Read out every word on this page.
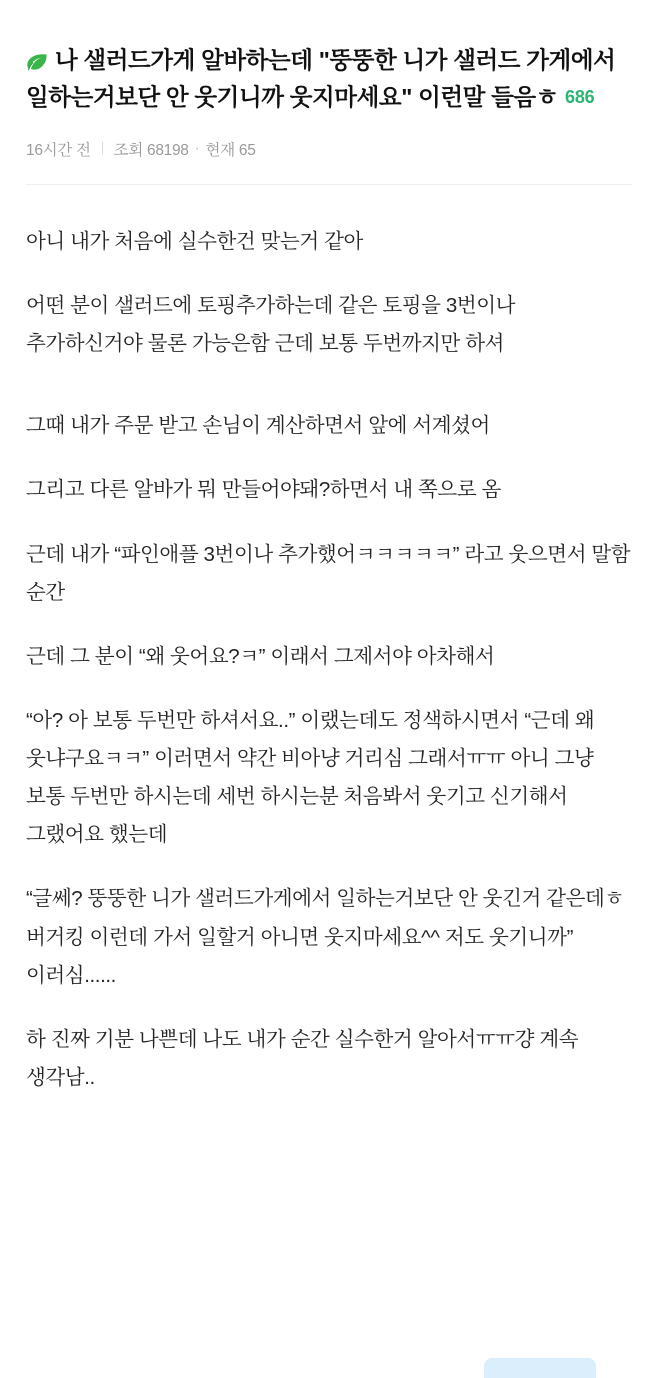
나 샐러드가게 알바하는데 "뚱뚱한 니가 샐러드 가게에서 일하는거보단 안 웃기니까 웃지마세요" 이런말 들음ㅎ 686
16시간 전 조회 68198 · 현재 65

아니 내가 처음에 실수한건 맞는거 같아

어떤 분이 샐러드에 토핑추가하는데 같은 토핑을 3번이나 추가하신거야 물론 가능은함 근데 보통 두번까지만 하셔

그때 내가 주문 받고 손님이 계산하면서 앞에 서계셨어

그리고 다른 알바가 뭐 만들어야돼?하면서 내 쪽으로 옴

근데 내가 “파인애플 3번이나 추가했어ㅋㅋㅋㅋㅋ” 라고 웃으면서 말함 순간

근데 그 분이 “왜 웃어요?ㅋ” 이래서 그제서야 아차해서

“아? 아 보통 두번만 하셔서요..” 이랬는데도 정색하시면서 “근데 왜 웃냐구요ㅋㅋ” 이러면서 약간 비아냥 거리심 그래서ㅠㅠ 아니 그냥 보통 두번만 하시는데 세번 하시는분 처음봐서 웃기고 신기해서 그랬어요 했는데

“글쎄? 뚱뚱한 니가 샐러드가게에서 일하는거보단 안 웃긴거 같은데ㅎ 버거킹 이런데 가서 일할거 아니면 웃지마세요^^ 저도 웃기니까” 이러심......

하 진짜 기분 나쁜데 나도 내가 순간 실수한거 알아서ㅠㅠ걍 계속 생각남..
